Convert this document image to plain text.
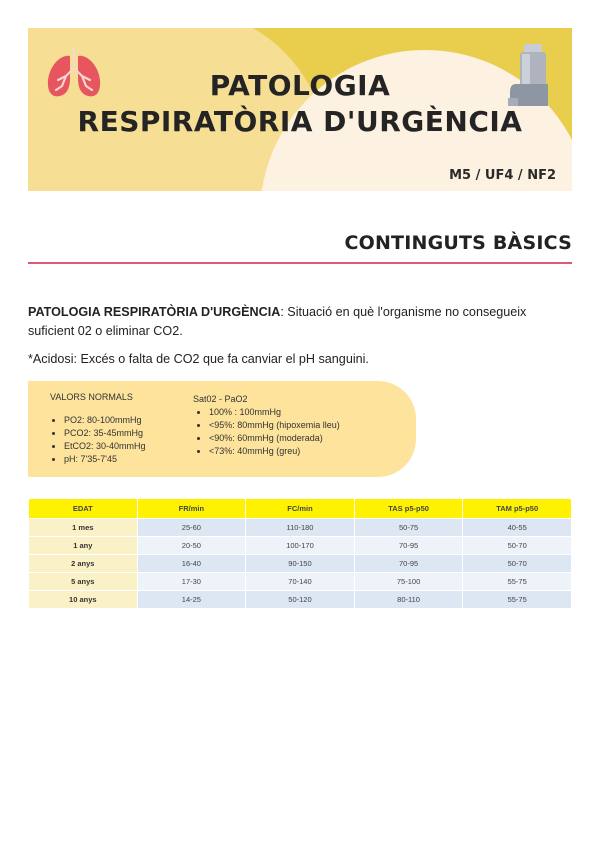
PATOLOGIA
RESPIRATÒRIA D'URGÈNCIA
M5 / UF4 / NF2
CONTINGUTS BÀSICS
PATOLOGIA RESPIRATÒRIA D'URGÈNCIA: Situació en què l'organisme no consegueix suficient 02 o eliminar CO2.
*Acidosi: Excés o falta de CO2 que fa canviar el pH sanguini.
VALORS NORMALS
• PO2: 80-100mmHg
• PCO2: 35-45mmHg
• EtCO2: 30-40mmHg
• pH: 7'35-7'45
Sat02 - PaO2
• 100% : 100mmHg
• <95%: 80mmHg (hipoxemia lleu)
• <90%: 60mmHg (moderada)
• <73%: 40mmHg (greu)
EDAT	FR/min	FC/min	TAS p5-p50	TAM p5-p50
1 mes	25-60	110-180	50-75	40-55
1 any	20-50	100-170	70-95	50-70
2 anys	16-40	90-150	70-95	50-70
5 anys	17-30	70-140	75-100	55-75
10 anys	14-25	50-120	80-110	55-75
